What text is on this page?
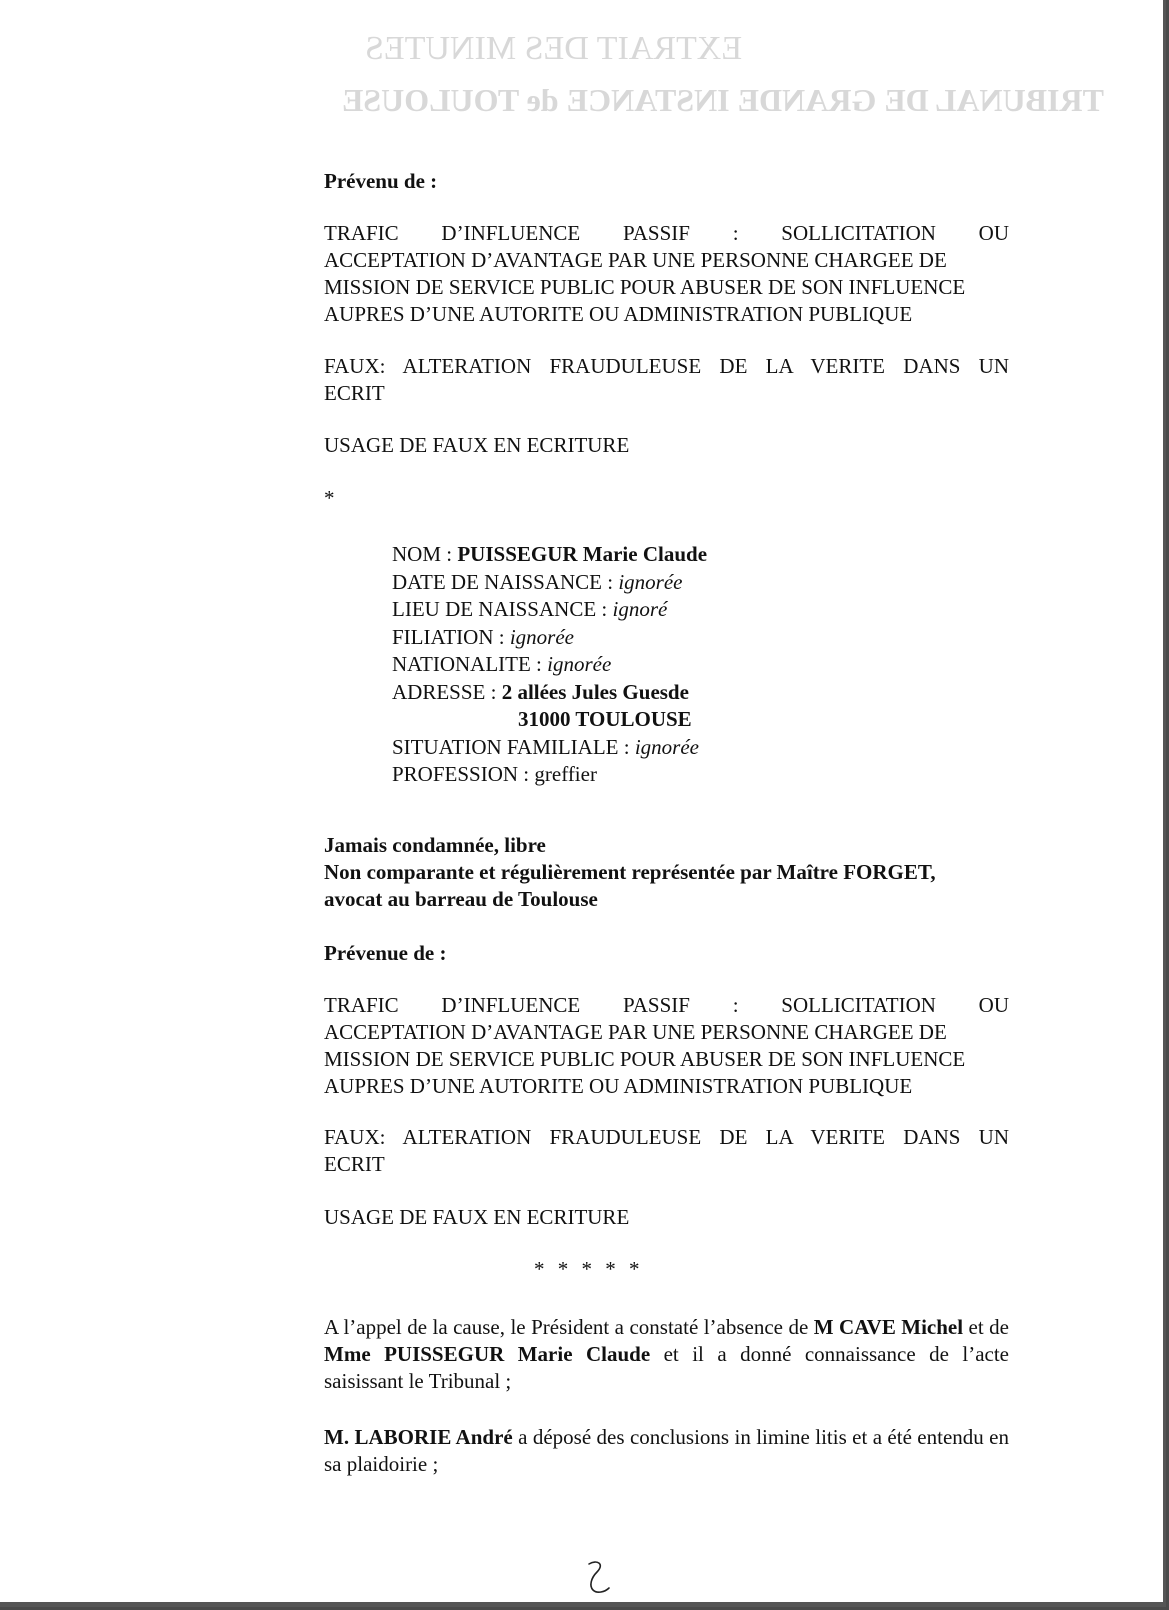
EXTRAIT DES MINUTES
TRIBUNAL DE GRANDE INSTANCE de TOULOUSE
Prévenu de :
TRAFIC D’INFLUENCE PASSIF : SOLLICITATION OU
ACCEPTATION D’AVANTAGE PAR UNE PERSONNE CHARGEE DE
MISSION DE SERVICE PUBLIC POUR ABUSER DE SON INFLUENCE
AUPRES D’UNE AUTORITE OU ADMINISTRATION PUBLIQUE
FAUX: ALTERATION FRAUDULEUSE DE LA VERITE DANS UN
ECRIT
USAGE DE FAUX EN ECRITURE
*
NOM : PUISSEGUR Marie Claude
DATE DE NAISSANCE : ignorée
LIEU DE NAISSANCE : ignoré
FILIATION : ignorée
NATIONALITE : ignorée
ADRESSE : 2 allées Jules Guesde
31000 TOULOUSE
SITUATION FAMILIALE : ignorée
PROFESSION : greffier
Jamais condamnée, libre
Non comparante et régulièrement représentée par Maître FORGET,
avocat au barreau de Toulouse
Prévenue de :
TRAFIC D’INFLUENCE PASSIF : SOLLICITATION OU
ACCEPTATION D’AVANTAGE PAR UNE PERSONNE CHARGEE DE
MISSION DE SERVICE PUBLIC POUR ABUSER DE SON INFLUENCE
AUPRES D’UNE AUTORITE OU ADMINISTRATION PUBLIQUE
FAUX: ALTERATION FRAUDULEUSE DE LA VERITE DANS UN
ECRIT
USAGE DE FAUX EN ECRITURE
* * * * *
A l’appel de la cause, le Président a constaté l’absence de M CAVE Michel et de Mme PUISSEGUR Marie Claude et il a donné connaissance de l’acte saisissant le Tribunal ;
M. LABORIE André a déposé des conclusions in limine litis et a été entendu en sa plaidoirie ;
